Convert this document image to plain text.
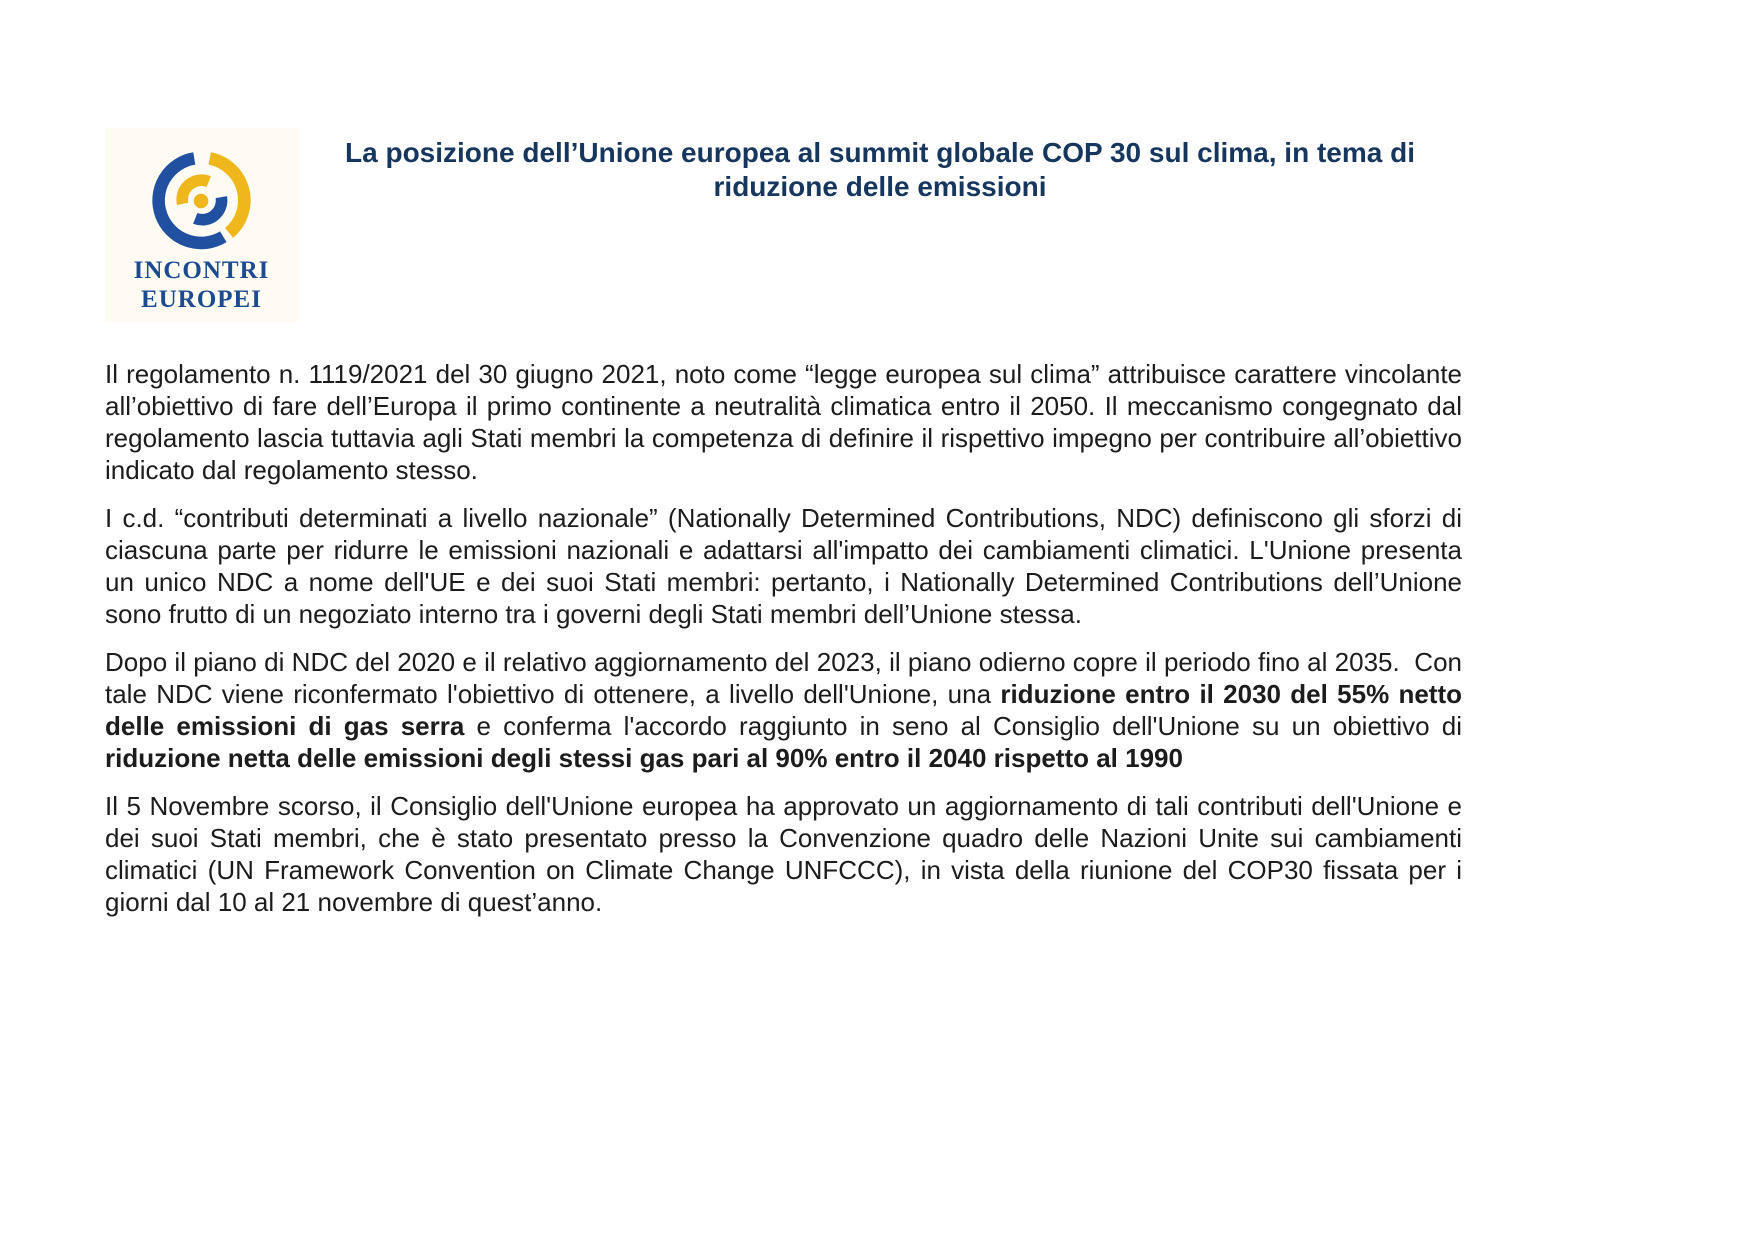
INCONTRI
EUROPEI
La posizione dell’Unione europea al summit globale COP 30 sul clima, in tema di riduzione delle emissioni

Il regolamento n. 1119/2021 del 30 giugno 2021, noto come “legge europea sul clima” attribuisce carattere vincolante all’obiettivo di fare dell’Europa il primo continente a neutralità climatica entro il 2050. Il meccanismo congegnato dal regolamento lascia tuttavia agli Stati membri la competenza di definire il rispettivo impegno per contribuire all’obiettivo indicato dal regolamento stesso.

I c.d. “contributi determinati a livello nazionale” (Nationally Determined Contributions, NDC) definiscono gli sforzi di ciascuna parte per ridurre le emissioni nazionali e adattarsi all'impatto dei cambiamenti climatici. L'Unione presenta un unico NDC a nome dell'UE e dei suoi Stati membri: pertanto, i Nationally Determined Contributions dell’Unione sono frutto di un negoziato interno tra i governi degli Stati membri dell’Unione stessa.

Dopo il piano di NDC del 2020 e il relativo aggiornamento del 2023, il piano odierno copre il periodo fino al 2035.  Con tale NDC viene riconfermato l'obiettivo di ottenere, a livello dell'Unione, una riduzione entro il 2030 del 55% netto delle emissioni di gas serra e conferma l'accordo raggiunto in seno al Consiglio dell'Unione su un obiettivo di riduzione netta delle emissioni degli stessi gas pari al 90% entro il 2040 rispetto al 1990

Il 5 Novembre scorso, il Consiglio dell'Unione europea ha approvato un aggiornamento di tali contributi dell'Unione e dei suoi Stati membri, che è stato presentato presso la Convenzione quadro delle Nazioni Unite sui cambiamenti climatici (UN Framework Convention on Climate Change UNFCCC), in vista della riunione del COP30 fissata per i giorni dal 10 al 21 novembre di quest’anno.
